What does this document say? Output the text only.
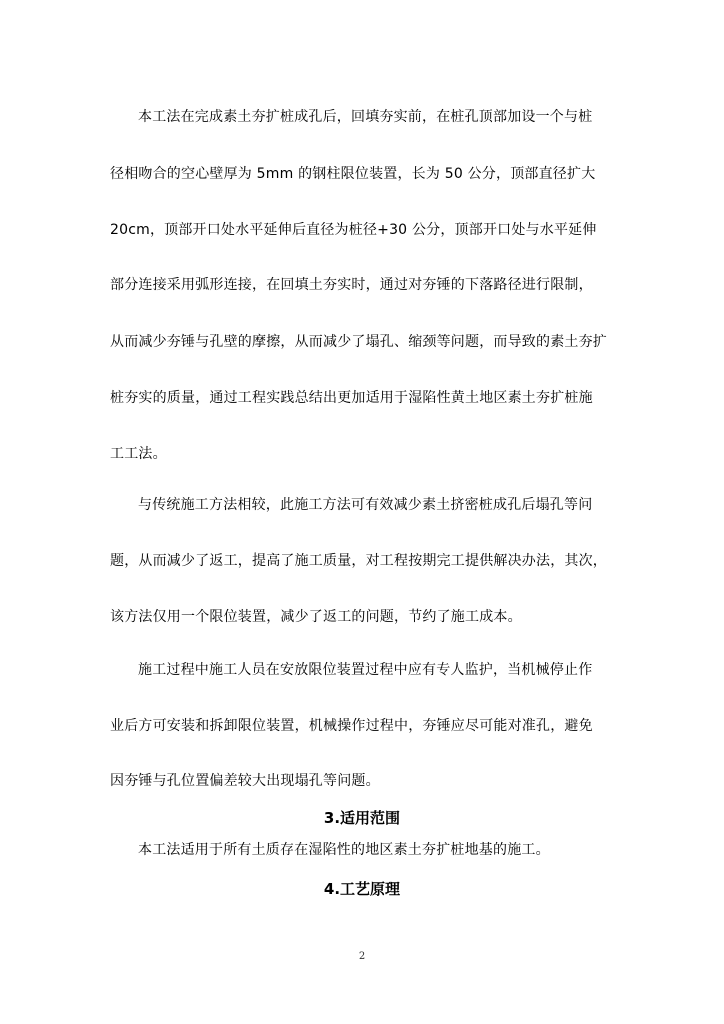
本工法在完成素土夯扩桩成孔后，回填夯实前，在桩孔顶部加设一个与桩
径相吻合的空心壁厚为 5mm 的钢柱限位装置，长为 50 公分，顶部直径扩大
20cm，顶部开口处水平延伸后直径为桩径+30 公分，顶部开口处与水平延伸
部分连接采用弧形连接，在回填土夯实时，通过对夯锤的下落路径进行限制，
从而减少夯锤与孔壁的摩擦，从而减少了塌孔、缩颈等问题，而导致的素土夯扩
桩夯实的质量，通过工程实践总结出更加适用于湿陷性黄土地区素土夯扩桩施
工工法。
与传统施工方法相较，此施工方法可有效减少素土挤密桩成孔后塌孔等问
题，从而减少了返工，提高了施工质量，对工程按期完工提供解决办法，其次，
该方法仅用一个限位装置，减少了返工的问题，节约了施工成本。
施工过程中施工人员在安放限位装置过程中应有专人监护，当机械停止作
业后方可安装和拆卸限位装置，机械操作过程中，夯锤应尽可能对准孔，避免
因夯锤与孔位置偏差较大出现塌孔等问题。
3.适用范围
本工法适用于所有土质存在湿陷性的地区素土夯扩桩地基的施工。
4.工艺原理
2
